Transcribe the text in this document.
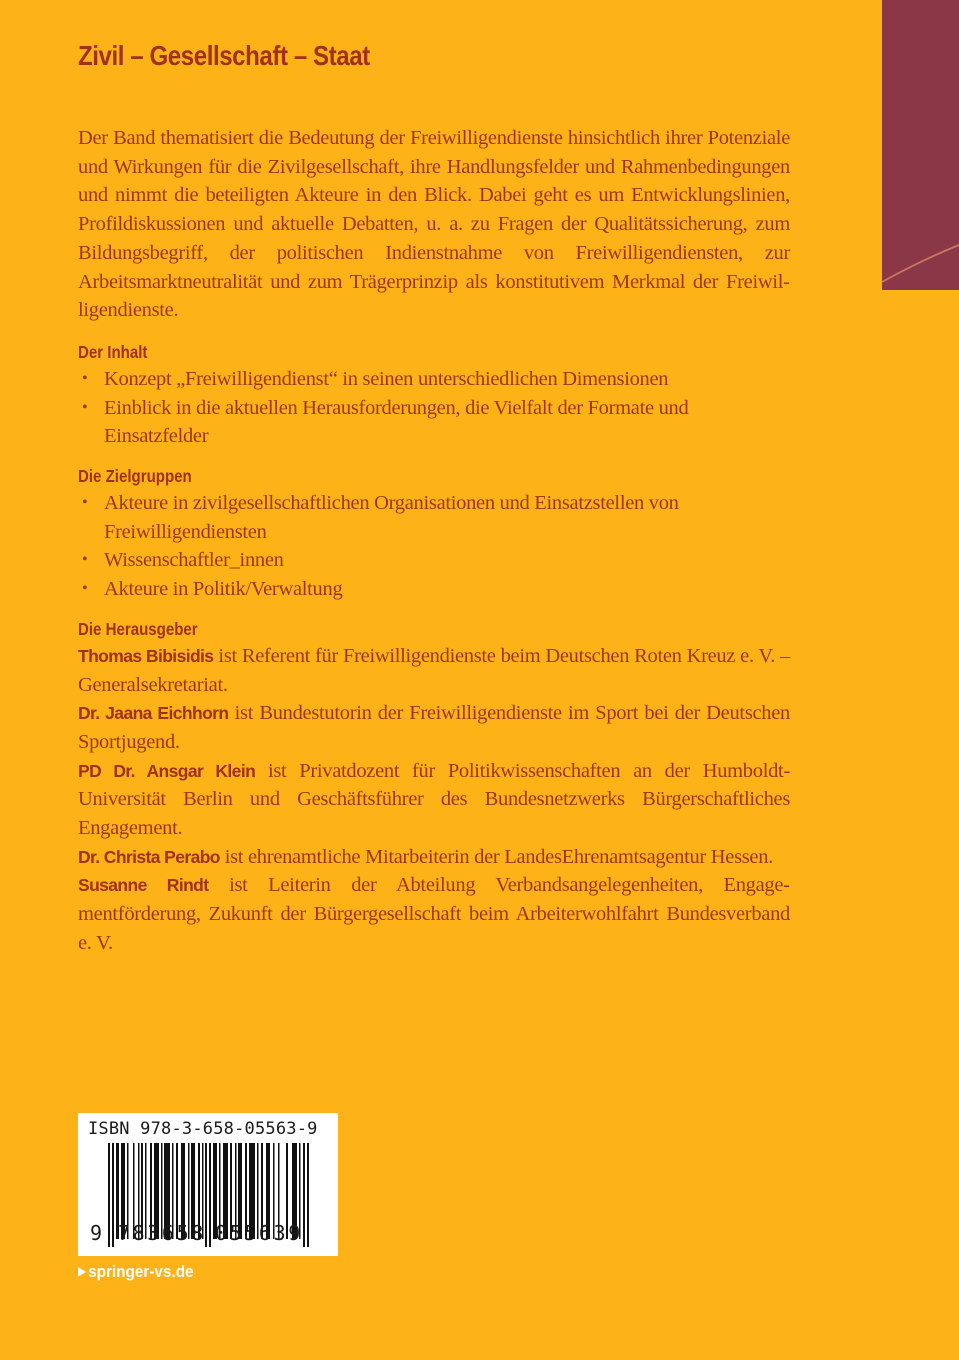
Zivil – Gesellschaft – Staat

Der Band thematisiert die Bedeutung der Freiwilligendienste hinsichtlich ihrer Potenziale und Wirkungen für die Zivilgesellschaft, ihre Handlungsfelder und Rahmenbedingungen und nimmt die beteiligten Akteure in den Blick. Dabei geht es um Entwicklungslinien, Profildiskussionen und aktuelle Debatten, u. a. zu Fragen der Qualitätssicherung, zum Bildungsbegriff, der politischen Indienstnahme von Freiwilligendiensten, zur Arbeitsmarktneutralität und zum Trägerprinzip als konstitutivem Merkmal der Freiwilligendienste.

Der Inhalt
• Konzept „Freiwilligendienst“ in seinen unterschiedlichen Dimensionen
• Einblick in die aktuellen Herausforderungen, die Vielfalt der Formate und Einsatzfelder
Die Zielgruppen
• Akteure in zivilgesellschaftlichen Organisationen und Einsatzstellen von Freiwilligendiensten
• Wissenschaftler_innen
• Akteure in Politik/Verwaltung
Die Herausgeber

Thomas Bibisidis ist Referent für Freiwilligendienste beim Deutschen Roten Kreuz e. V. – Generalsekretariat.

Dr. Jaana Eichhorn ist Bundestutorin der Freiwilligendienste im Sport bei der Deutschen Sportjugend.

PD Dr. Ansgar Klein ist Privatdozent für Politikwissenschaften an der Humboldt-Universität Berlin und Geschäftsführer des Bundesnetzwerks Bürgerschaftliches Engagement.

Dr. Christa Perabo ist ehrenamtliche Mitarbeiterin der LandesEhrenamtsagentur Hessen.

Susanne Rindt ist Leiterin der Abteilung Verbandsangelegenheiten, Engagementförderung, Zukunft der Bürgergesellschaft beim Arbeiterwohlfahrt Bundesverband e. V.

ISBN 978-3-658-05563-9
9 783658 055639
▶ springer-vs.de
